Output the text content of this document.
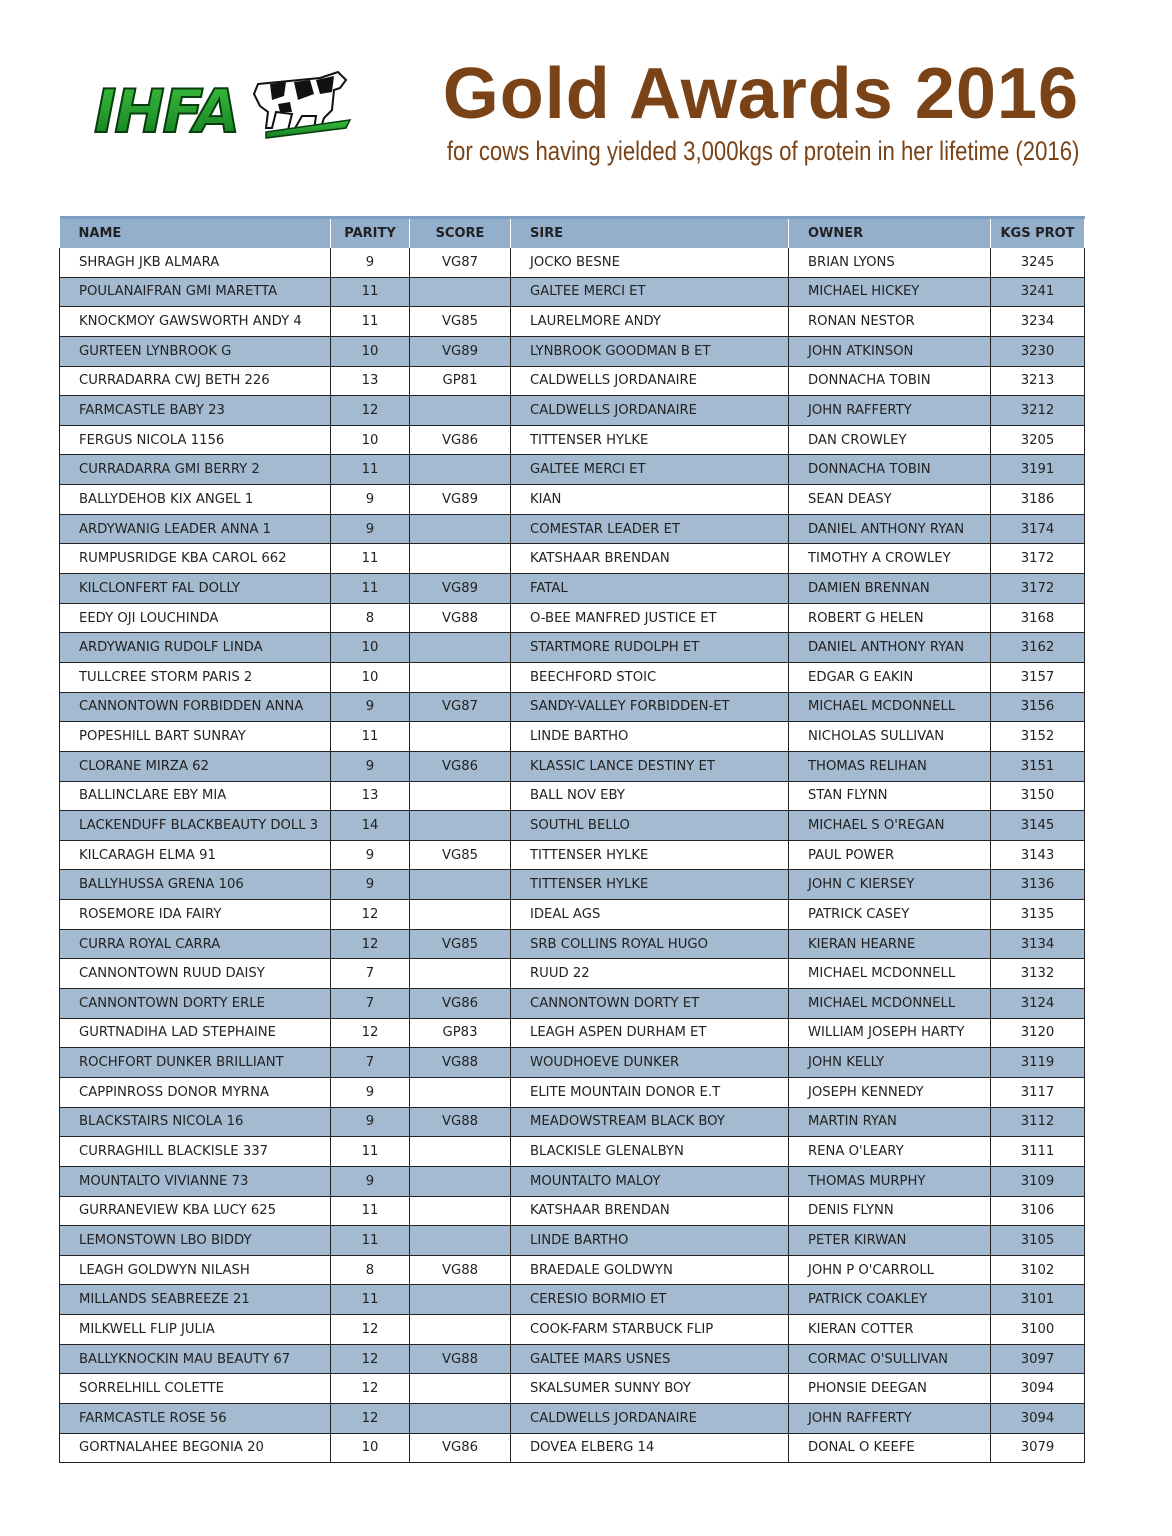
IHFA	Gold Awards 2016
for cows having yielded 3,000kgs of protein in her lifetime (2016)
NAME	PARITY	SCORE	SIRE	OWNER	KGS PROT
SHRAGH JKB ALMARA	9	VG87	JOCKO BESNE	BRIAN LYONS	3245
POULANAIFRAN GMI MARETTA	11		GALTEE MERCI ET	MICHAEL HICKEY	3241
KNOCKMOY GAWSWORTH ANDY 4	11	VG85	LAURELMORE ANDY	RONAN NESTOR	3234
GURTEEN LYNBROOK G	10	VG89	LYNBROOK GOODMAN B ET	JOHN ATKINSON	3230
CURRADARRA CWJ BETH 226	13	GP81	CALDWELLS JORDANAIRE	DONNACHA TOBIN	3213
FARMCASTLE BABY 23	12		CALDWELLS JORDANAIRE	JOHN RAFFERTY	3212
FERGUS NICOLA 1156	10	VG86	TITTENSER HYLKE	DAN CROWLEY	3205
CURRADARRA GMI BERRY 2	11		GALTEE MERCI ET	DONNACHA TOBIN	3191
BALLYDEHOB KIX ANGEL 1	9	VG89	KIAN	SEAN DEASY	3186
ARDYWANIG LEADER ANNA 1	9		COMESTAR LEADER ET	DANIEL ANTHONY RYAN	3174
RUMPUSRIDGE KBA CAROL 662	11		KATSHAAR BRENDAN	TIMOTHY A CROWLEY	3172
KILCLONFERT FAL DOLLY	11	VG89	FATAL	DAMIEN BRENNAN	3172
EEDY OJI LOUCHINDA	8	VG88	O-BEE MANFRED JUSTICE ET	ROBERT G HELEN	3168
ARDYWANIG RUDOLF LINDA	10		STARTMORE RUDOLPH ET	DANIEL ANTHONY RYAN	3162
TULLCREE STORM PARIS 2	10		BEECHFORD STOIC	EDGAR G EAKIN	3157
CANNONTOWN FORBIDDEN ANNA	9	VG87	SANDY-VALLEY FORBIDDEN-ET	MICHAEL MCDONNELL	3156
POPESHILL BART SUNRAY	11		LINDE BARTHO	NICHOLAS SULLIVAN	3152
CLORANE MIRZA 62	9	VG86	KLASSIC LANCE DESTINY ET	THOMAS RELIHAN	3151
BALLINCLARE EBY MIA	13		BALL NOV EBY	STAN FLYNN	3150
LACKENDUFF BLACKBEAUTY DOLL 3	14		SOUTHL BELLO	MICHAEL S O'REGAN	3145
KILCARAGH ELMA 91	9	VG85	TITTENSER HYLKE	PAUL POWER	3143
BALLYHUSSA GRENA 106	9		TITTENSER HYLKE	JOHN C KIERSEY	3136
ROSEMORE IDA FAIRY	12		IDEAL AGS	PATRICK CASEY	3135
CURRA ROYAL CARRA	12	VG85	SRB COLLINS ROYAL HUGO	KIERAN HEARNE	3134
CANNONTOWN RUUD DAISY	7		RUUD 22	MICHAEL MCDONNELL	3132
CANNONTOWN DORTY ERLE	7	VG86	CANNONTOWN DORTY ET	MICHAEL MCDONNELL	3124
GURTNADIHA LAD STEPHAINE	12	GP83	LEAGH ASPEN DURHAM ET	WILLIAM JOSEPH HARTY	3120
ROCHFORT DUNKER BRILLIANT	7	VG88	WOUDHOEVE DUNKER	JOHN KELLY	3119
CAPPINROSS DONOR MYRNA	9		ELITE MOUNTAIN DONOR E.T	JOSEPH KENNEDY	3117
BLACKSTAIRS NICOLA 16	9	VG88	MEADOWSTREAM BLACK BOY	MARTIN RYAN	3112
CURRAGHILL BLACKISLE 337	11		BLACKISLE GLENALBYN	RENA O'LEARY	3111
MOUNTALTO VIVIANNE 73	9		MOUNTALTO MALOY	THOMAS MURPHY	3109
GURRANEVIEW KBA LUCY 625	11		KATSHAAR BRENDAN	DENIS FLYNN	3106
LEMONSTOWN LBO BIDDY	11		LINDE BARTHO	PETER KIRWAN	3105
LEAGH GOLDWYN NILASH	8	VG88	BRAEDALE GOLDWYN	JOHN P O'CARROLL	3102
MILLANDS SEABREEZE 21	11		CERESIO BORMIO ET	PATRICK COAKLEY	3101
MILKWELL FLIP JULIA	12		COOK-FARM STARBUCK FLIP	KIERAN COTTER	3100
BALLYKNOCKIN MAU BEAUTY 67	12	VG88	GALTEE MARS USNES	CORMAC O'SULLIVAN	3097
SORRELHILL COLETTE	12		SKALSUMER SUNNY BOY	PHONSIE DEEGAN	3094
FARMCASTLE ROSE 56	12		CALDWELLS JORDANAIRE	JOHN RAFFERTY	3094
GORTNALAHEE BEGONIA 20	10	VG86	DOVEA ELBERG 14	DONAL O KEEFE	3079
